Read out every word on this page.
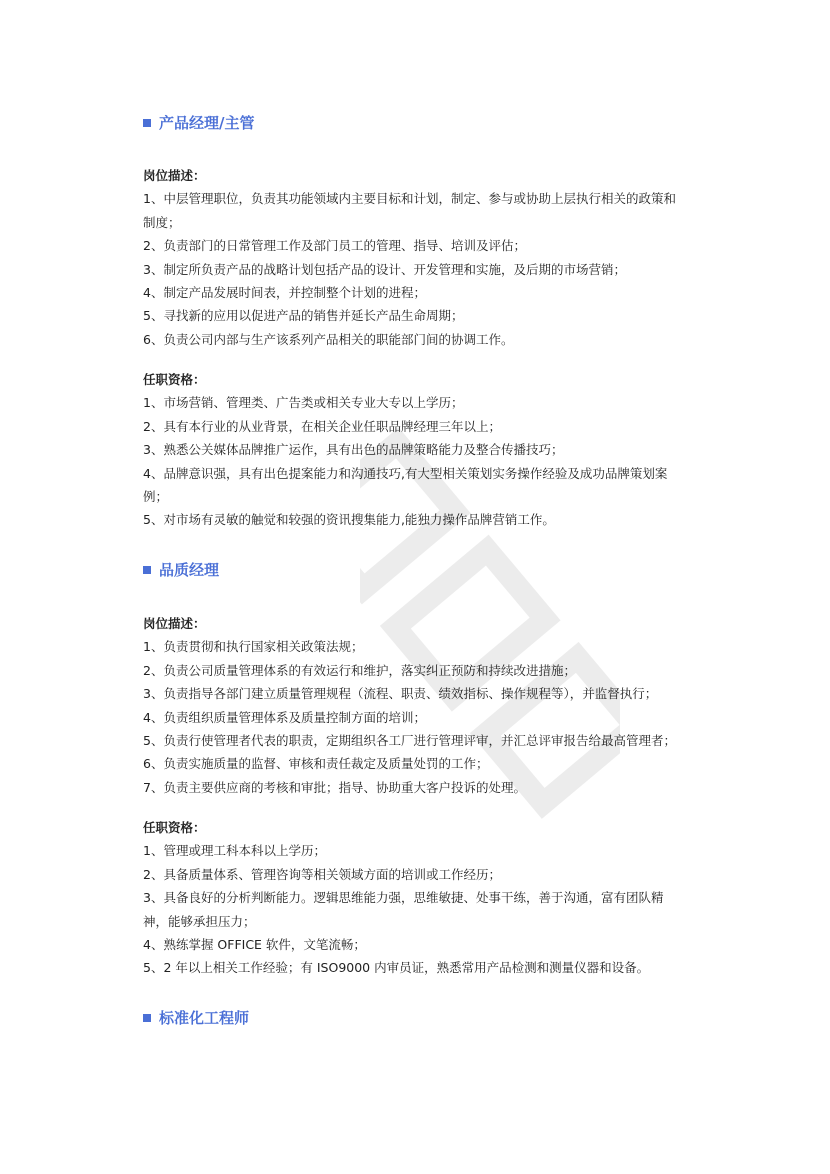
产品经理/主管
岗位描述：
1、中层管理职位，负责其功能领域内主要目标和计划，制定、参与或协助上层执行相关的政策和
制度；
2、负责部门的日常管理工作及部门员工的管理、指导、培训及评估；
3、制定所负责产品的战略计划包括产品的设计、开发管理和实施，及后期的市场营销；
4、制定产品发展时间表，并控制整个计划的进程；
5、寻找新的应用以促进产品的销售并延长产品生命周期；
6、负责公司内部与生产该系列产品相关的职能部门间的协调工作。
任职资格：
1、市场营销、管理类、广告类或相关专业大专以上学历；
2、具有本行业的从业背景，在相关企业任职品牌经理三年以上；
3、熟悉公关媒体品牌推广运作，具有出色的品牌策略能力及整合传播技巧；
4、品牌意识强，具有出色提案能力和沟通技巧,有大型相关策划实务操作经验及成功品牌策划案
例；
5、对市场有灵敏的触觉和较强的资讯搜集能力,能独力操作品牌营销工作。
品质经理
岗位描述：
1、负责贯彻和执行国家相关政策法规；
2、负责公司质量管理体系的有效运行和维护，落实纠正预防和持续改进措施；
3、负责指导各部门建立质量管理规程（流程、职责、绩效指标、操作规程等），并监督执行；
4、负责组织质量管理体系及质量控制方面的培训；
5、负责行使管理者代表的职责，定期组织各工厂进行管理评审，并汇总评审报告给最高管理者；
6、负责实施质量的监督、审核和责任裁定及质量处罚的工作；
7、负责主要供应商的考核和审批；指导、协助重大客户投诉的处理。
任职资格：
1、管理或理工科本科以上学历；
2、具备质量体系、管理咨询等相关领域方面的培训或工作经历；
3、具备良好的分析判断能力。逻辑思维能力强，思维敏捷、处事干练，善于沟通，富有团队精
神，能够承担压力；
4、熟练掌握 OFFICE 软件，文笔流畅；
5、2 年以上相关工作经验；有 ISO9000 内审员证，熟悉常用产品检测和测量仪器和设备。
标准化工程师
